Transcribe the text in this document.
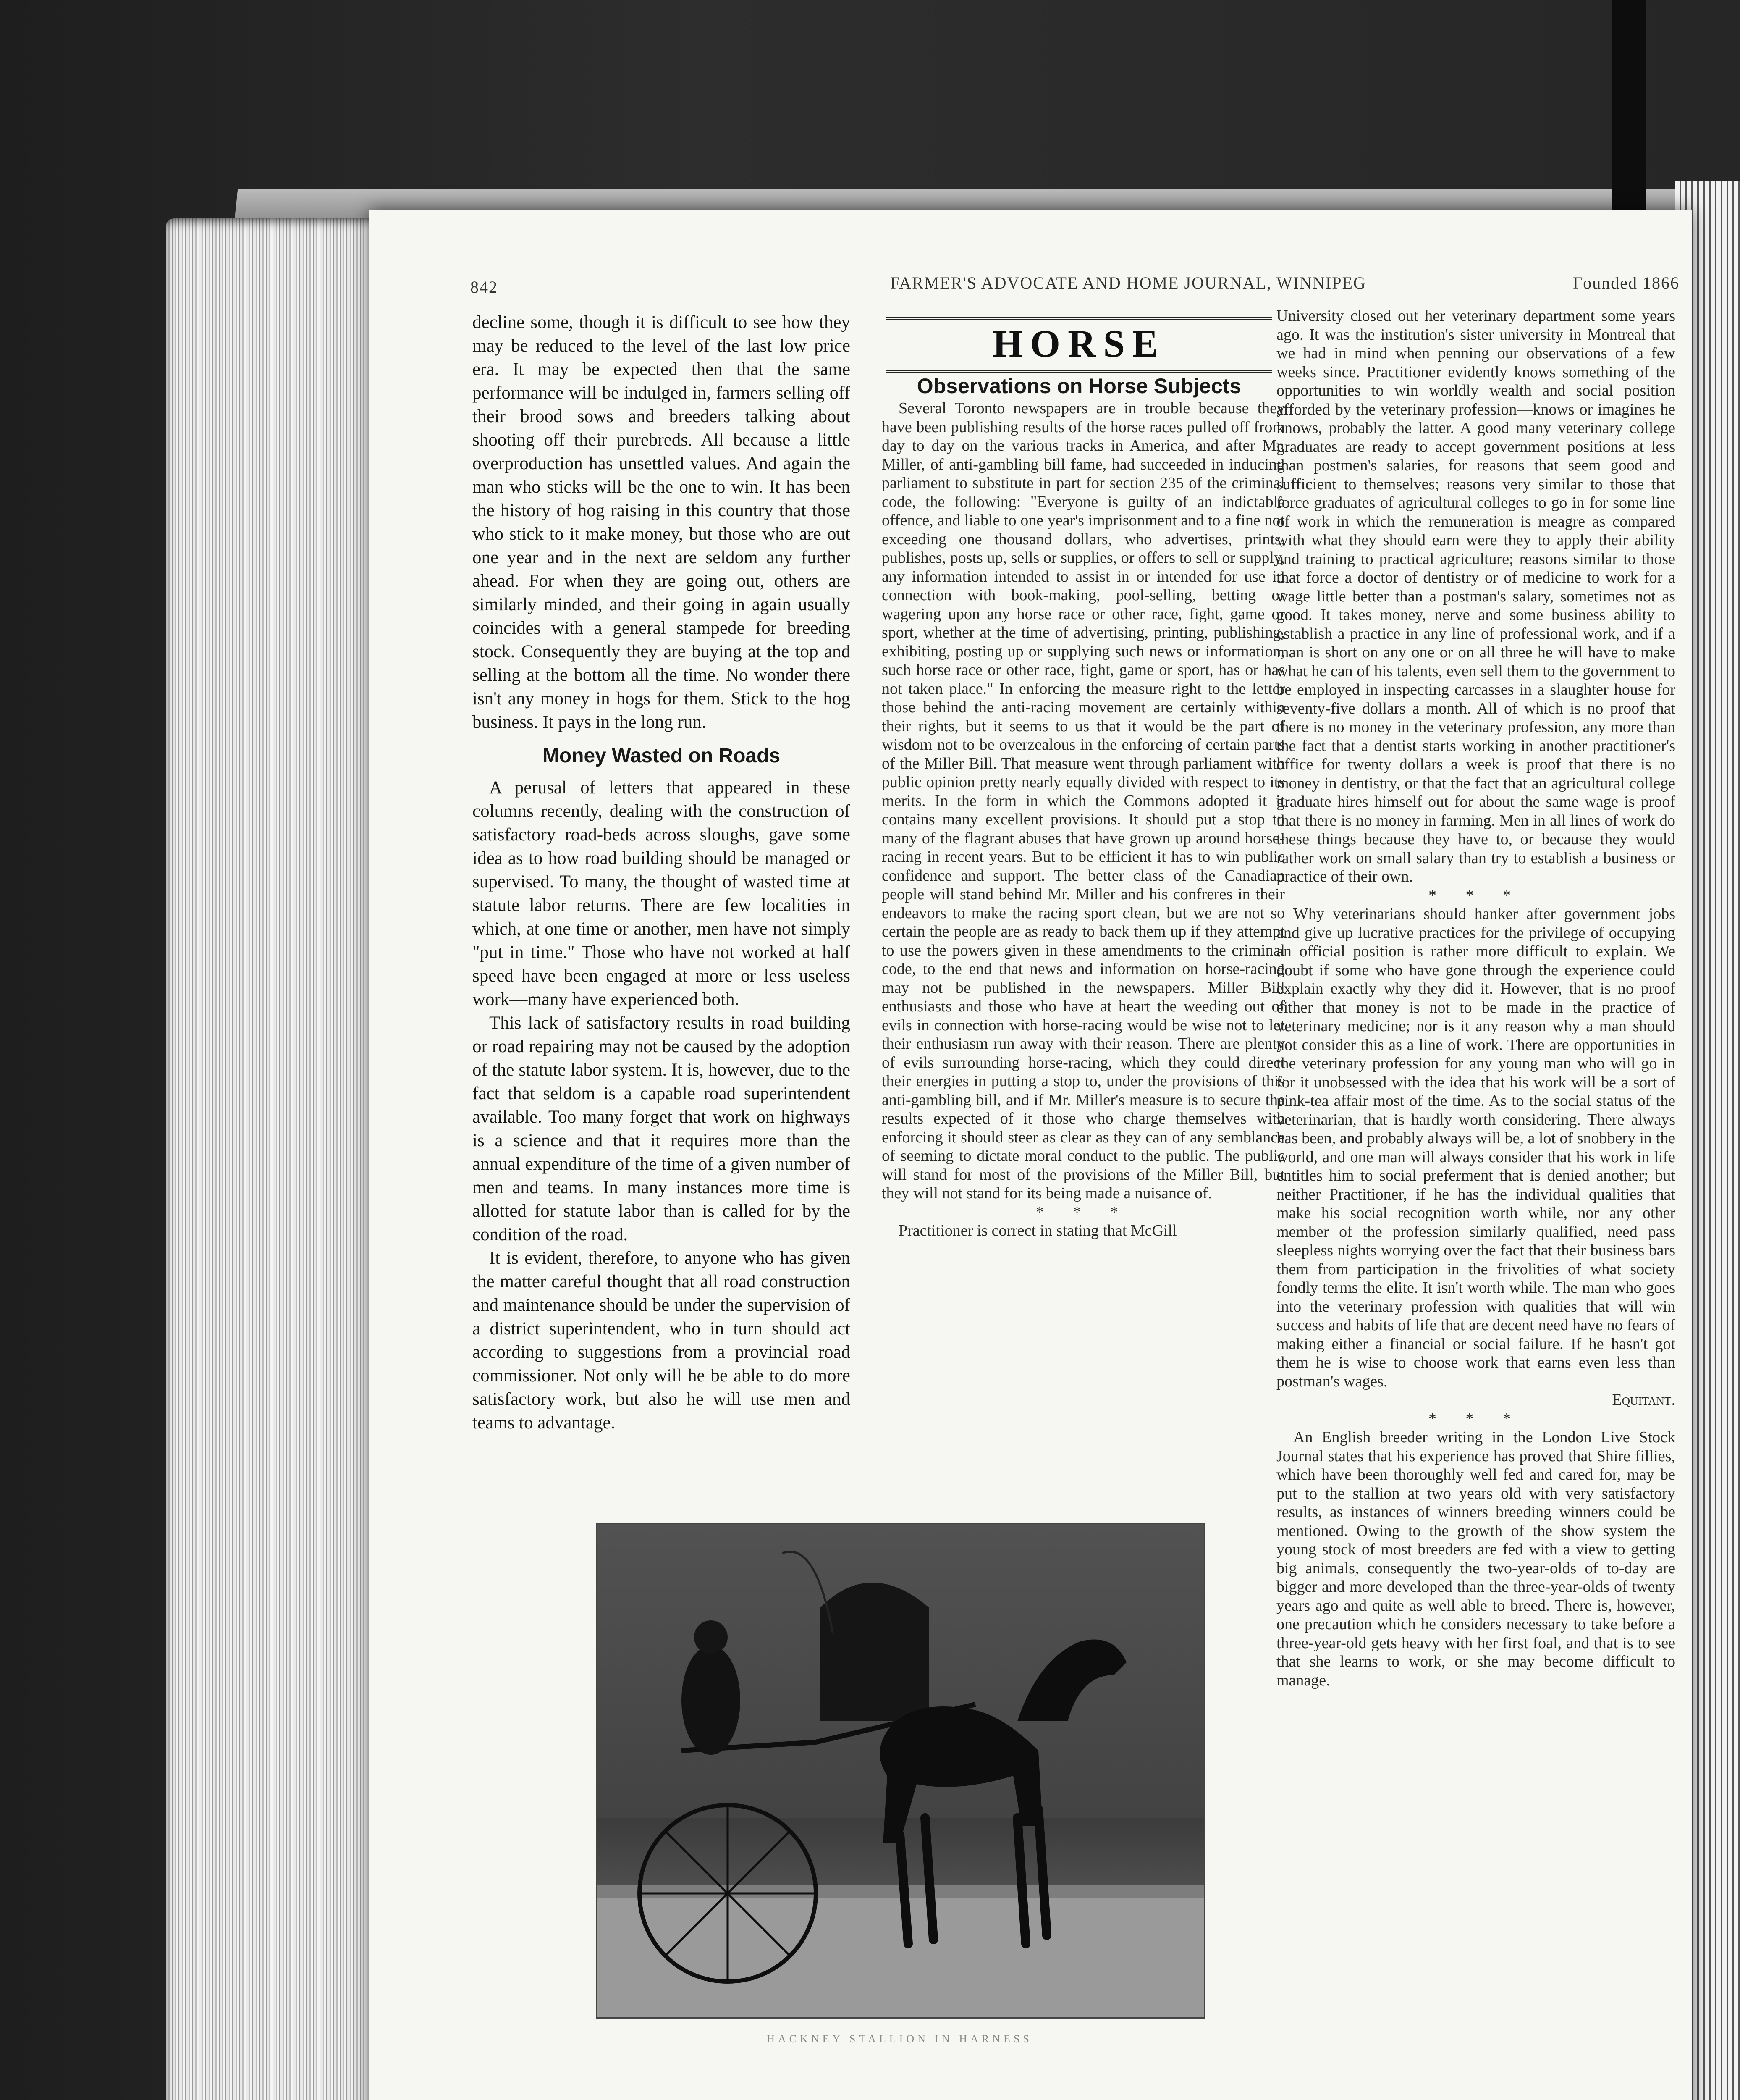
842	FARMER'S ADVOCATE AND HOME JOURNAL, WINNIPEG	Founded 1866

decline some, though it is difficult to see how they may be reduced to the level of the last low price era. It may be expected then that the same performance will be indulged in, farmers selling off their brood sows and breeders talking about shooting off their purebreds. All because a little overproduction has unsettled values. And again the man who sticks will be the one to win. It has been the history of hog raising in this country that those who stick to it make money, but those who are out one year and in the next are seldom any further ahead. For when they are going out, others are similarly minded, and their going in again usually coincides with a general stampede for breeding stock. Consequently they are buying at the top and selling at the bottom all the time. No wonder there isn't any money in hogs for them. Stick to the hog business. It pays in the long run.

Money Wasted on Roads

A perusal of letters that appeared in these columns recently, dealing with the construction of satisfactory road-beds across sloughs, gave some idea as to how road building should be managed or supervised. To many, the thought of wasted time at statute labor returns. There are few localities in which, at one time or another, men have not simply "put in time." Those who have not worked at half speed have been engaged at more or less useless work—many have experienced both.

This lack of satisfactory results in road building or road repairing may not be caused by the adoption of the statute labor system. It is, however, due to the fact that seldom is a capable road superintendent available. Too many forget that work on highways is a science and that it requires more than the annual expenditure of the time of a given number of men and teams. In many instances more time is allotted for statute labor than is called for by the condition of the road.

It is evident, therefore, to anyone who has given the matter careful thought that all road construction and maintenance should be under the supervision of a district superintendent, who in turn should act according to suggestions from a provincial road commissioner. Not only will he be able to do more satisfactory work, but also he will use men and teams to advantage.

HORSE
Observations on Horse Subjects

Several Toronto newspapers are in trouble because they have been publishing results of the horse races pulled off from day to day on the various tracks in America, and after Mr. Miller, of anti-gambling bill fame, had succeeded in inducing parliament to substitute in part for section 235 of the criminal code, the following: "Everyone is guilty of an indictable offence, and liable to one year's imprisonment and to a fine not exceeding one thousand dollars, who advertises, prints, publishes, posts up, sells or supplies, or offers to sell or supply, any information intended to assist in or intended for use in connection with book-making, pool-selling, betting or wagering upon any horse race or other race, fight, game or sport, whether at the time of advertising, printing, publishing, exhibiting, posting up or supplying such news or information, such horse race or other race, fight, game or sport, has or has not taken place." In enforcing the measure right to the letter those behind the anti-racing movement are certainly within their rights, but it seems to us that it would be the part of wisdom not to be overzealous in the enforcing of certain parts of the Miller Bill. That measure went through parliament with public opinion pretty nearly equally divided with respect to its merits. In the form in which the Commons adopted it it contains many excellent provisions. It should put a stop to many of the flagrant abuses that have grown up around horse-racing in recent years. But to be efficient it has to win public confidence and support. The better class of the Canadian people will stand behind Mr. Miller and his confreres in their endeavors to make the racing sport clean, but we are not so certain the people are as ready to back them up if they attempt to use the powers given in these amendments to the criminal code, to the end that news and information on horse-racing may not be published in the newspapers. Miller Bill enthusiasts and those who have at heart the weeding out of evils in connection with horse-racing would be wise not to let their enthusiasm run away with their reason. There are plenty of evils surrounding horse-racing, which they could direct their energies in putting a stop to, under the provisions of this anti-gambling bill, and if Mr. Miller's measure is to secure the results expected of it those who charge themselves with enforcing it should steer as clear as they can of any semblance of seeming to dictate moral conduct to the public. The public will stand for most of the provisions of the Miller Bill, but they will not stand for its being made a nuisance of.

* * *

Practitioner is correct in stating that McGill

University closed out her veterinary department some years ago. It was the institution's sister university in Montreal that we had in mind when penning our observations of a few weeks since. Practitioner evidently knows something of the opportunities to win worldly wealth and social position afforded by the veterinary profession—knows or imagines he knows, probably the latter. A good many veterinary college graduates are ready to accept government positions at less than postmen's salaries, for reasons that seem good and sufficient to themselves; reasons very similar to those that force graduates of agricultural colleges to go in for some line of work in which the remuneration is meagre as compared with what they should earn were they to apply their ability and training to practical agriculture; reasons similar to those that force a doctor of dentistry or of medicine to work for a wage little better than a postman's salary, sometimes not as good. It takes money, nerve and some business ability to establish a practice in any line of professional work, and if a man is short on any one or on all three he will have to make what he can of his talents, even sell them to the government to be employed in inspecting carcasses in a slaughter house for seventy-five dollars a month. All of which is no proof that there is no money in the veterinary profession, any more than the fact that a dentist starts working in another practitioner's office for twenty dollars a week is proof that there is no money in dentistry, or that the fact that an agricultural college graduate hires himself out for about the same wage is proof that there is no money in farming. Men in all lines of work do these things because they have to, or because they would rather work on small salary than try to establish a business or practice of their own.

* * *

Why veterinarians should hanker after government jobs and give up lucrative practices for the privilege of occupying an official position is rather more difficult to explain. We doubt if some who have gone through the experience could explain exactly why they did it. However, that is no proof either that money is not to be made in the practice of veterinary medicine; nor is it any reason why a man should not consider this as a line of work. There are opportunities in the veterinary profession for any young man who will go in for it unobsessed with the idea that his work will be a sort of pink-tea affair most of the time. As to the social status of the veterinarian, that is hardly worth considering. There always has been, and probably always will be, a lot of snobbery in the world, and one man will always consider that his work in life entitles him to social preferment that is denied another; but neither Practitioner, if he has the individual qualities that make his social recognition worth while, nor any other member of the profession similarly qualified, need pass sleepless nights worrying over the fact that their business bars them from participation in the frivolities of what society fondly terms the elite. It isn't worth while. The man who goes into the veterinary profession with qualities that will win success and habits of life that are decent need have no fears of making either a financial or social failure. If he hasn't got them he is wise to choose work that earns even less than postman's wages.

Equitant.

* * *

An English breeder writing in the London Live Stock Journal states that his experience has proved that Shire fillies, which have been thoroughly well fed and cared for, may be put to the stallion at two years old with very satisfactory results, as instances of winners breeding winners could be mentioned. Owing to the growth of the show system the young stock of most breeders are fed with a view to getting big animals, consequently the two-year-olds of to-day are bigger and more developed than the three-year-olds of twenty years ago and quite as well able to breed. There is, however, one precaution which he considers necessary to take before a three-year-old gets heavy with her first foal, and that is to see that she learns to work, or she may become difficult to manage.

HACKNEY STALLION IN HARNESS
